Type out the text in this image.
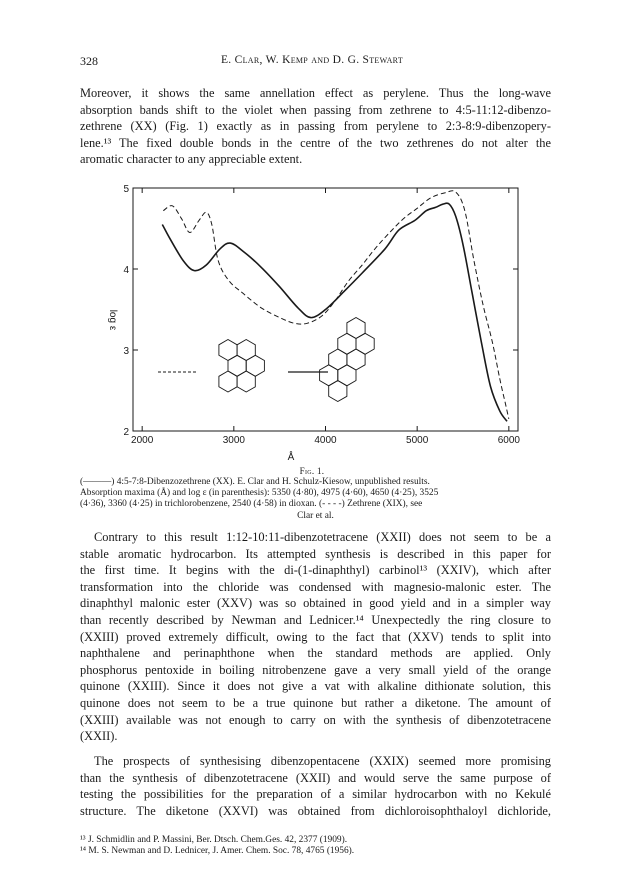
328	E. Clar, W. Kemp and D. G. Stewart

Moreover, it shows the same annellation effect as perylene. Thus the long-wave
absorption bands shift to the violet when passing from zethrene to 4:5-11:12-dibenzo-
zethrene (XX) (Fig. 1) exactly as in passing from perylene to 2:3-8:9-dibenzopery-
lene.¹³ The fixed double bonds in the centre of the two zethrenes do not alter the
aromatic character to any appreciable extent.

2
3
4
5
2000	3000	4000	5000	6000
log ε
Å
Fig. 1.

(———) 4:5-7:8-Dibenzozethrene (XX). E. Clar and H. Schulz-Kiesow, unpublished results.
Absorption maxima (Å) and log ε (in parenthesis): 5350 (4·80), 4975 (4·60), 4650 (4·25), 3525
(4·36), 3360 (4·25) in trichlorobenzene, 2540 (4·58) in dioxan. (- - - -) Zethrene (XIX), see
Clar et al.

Contrary to this result 1:12-10:11-dibenzotetracene (XXII) does not seem to be a
stable aromatic hydrocarbon. Its attempted synthesis is described in this paper for
the first time. It begins with the di-(1-dinaphthyl) carbinol¹³ (XXIV), which after
transformation into the chloride was condensed with magnesio-malonic ester. The
dinaphthyl malonic ester (XXV) was so obtained in good yield and in a simpler way
than recently described by Newman and Lednicer.¹⁴ Unexpectedly the ring closure to
(XXIII) proved extremely difficult, owing to the fact that (XXV) tends to split into
naphthalene and perinaphthone when the standard methods are applied. Only
phosphorus pentoxide in boiling nitrobenzene gave a very small yield of the orange
quinone (XXIII). Since it does not give a vat with alkaline dithionate solution, this
quinone does not seem to be a true quinone but rather a diketone. The amount of
(XXIII) available was not enough to carry on with the synthesis of dibenzotetracene
(XXII).

The prospects of synthesising dibenzopentacene (XXIX) seemed more promising
than the synthesis of dibenzotetracene (XXII) and would serve the same purpose of
testing the possibilities for the preparation of a similar hydrocarbon with no Kekulé
structure. The diketone (XXVI) was obtained from dichloroisophthaloyl dichloride,

¹³ J. Schmidlin and P. Massini, Ber. Dtsch. Chem.Ges. 42, 2377 (1909).
¹⁴ M. S. Newman and D. Lednicer, J. Amer. Chem. Soc. 78, 4765 (1956).
